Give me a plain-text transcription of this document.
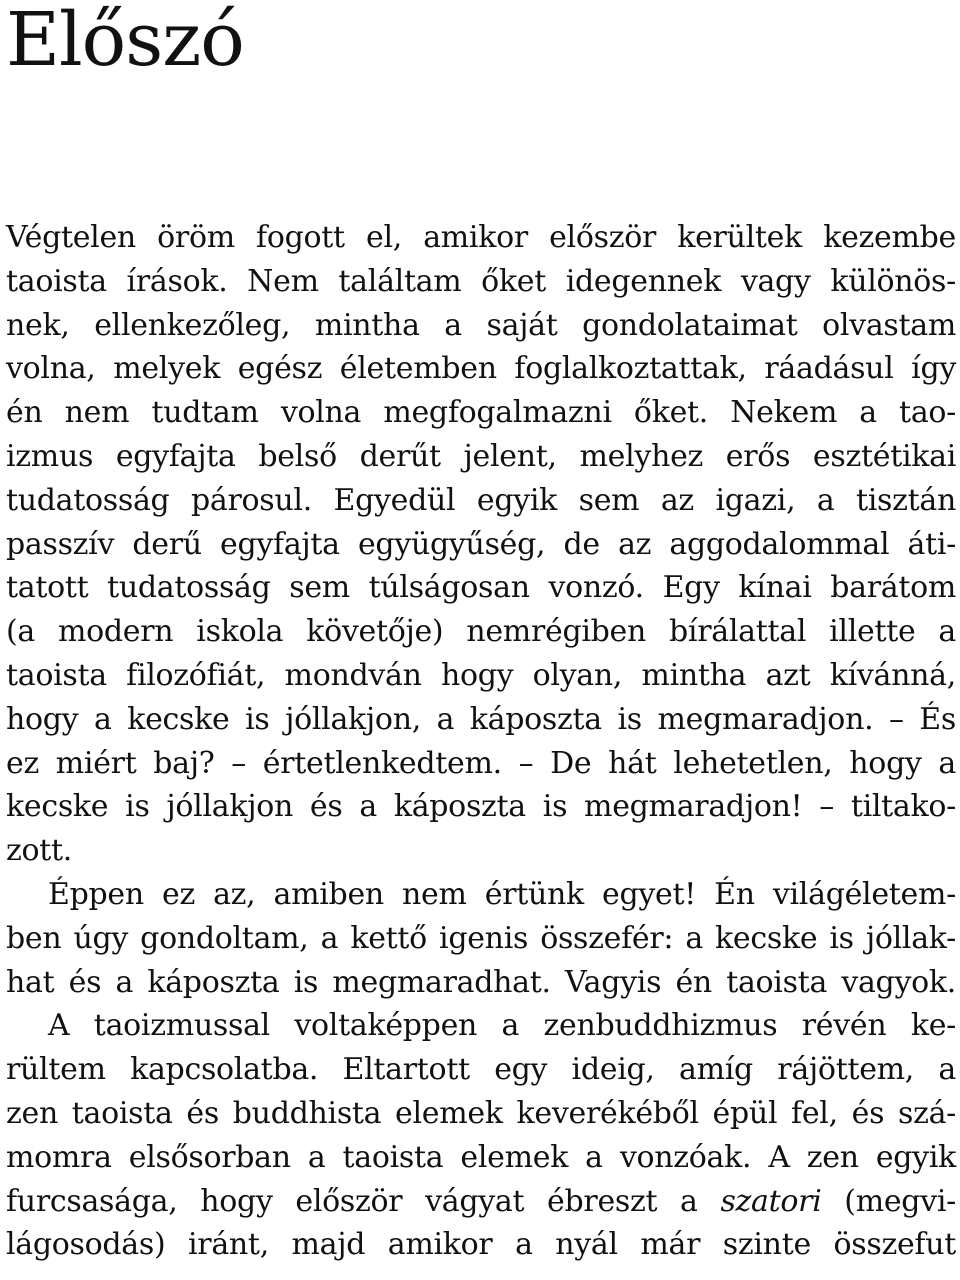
Előszó
Végtelen öröm fogott el, amikor először kerültek kezembe
taoista írások. Nem találtam őket idegennek vagy különös-
nek, ellenkezőleg, mintha a saját gondolataimat olvastam
volna, melyek egész életemben foglalkoztattak, ráadásul így
én nem tudtam volna megfogalmazni őket. Nekem a tao-
izmus egyfajta belső derűt jelent, melyhez erős esztétikai
tudatosság párosul. Egyedül egyik sem az igazi, a tisztán
passzív derű egyfajta együgyűség, de az aggodalommal áti-
tatott tudatosság sem túlságosan vonzó. Egy kínai barátom
(a modern iskola követője) nemrégiben bírálattal illette a
taoista filozófiát, mondván hogy olyan, mintha azt kívánná,
hogy a kecske is jóllakjon, a káposzta is megmaradjon. – És
ez miért baj? – értetlenkedtem. – De hát lehetetlen, hogy a
kecske is jóllakjon és a káposzta is megmaradjon! – tiltako-
zott.
Éppen ez az, amiben nem értünk egyet! Én világéletem-
ben úgy gondoltam, a kettő igenis összefér: a kecske is jóllak-
hat és a káposzta is megmaradhat. Vagyis én taoista vagyok.
A taoizmussal voltaképpen a zenbuddhizmus révén ke-
rültem kapcsolatba. Eltartott egy ideig, amíg rájöttem, a
zen taoista és buddhista elemek keverékéből épül fel, és szá-
momra elsősorban a taoista elemek a vonzóak. A zen egyik
furcsasága, hogy először vágyat ébreszt a szatori (megvi-
lágosodás) iránt, majd amikor a nyál már szinte összefut
